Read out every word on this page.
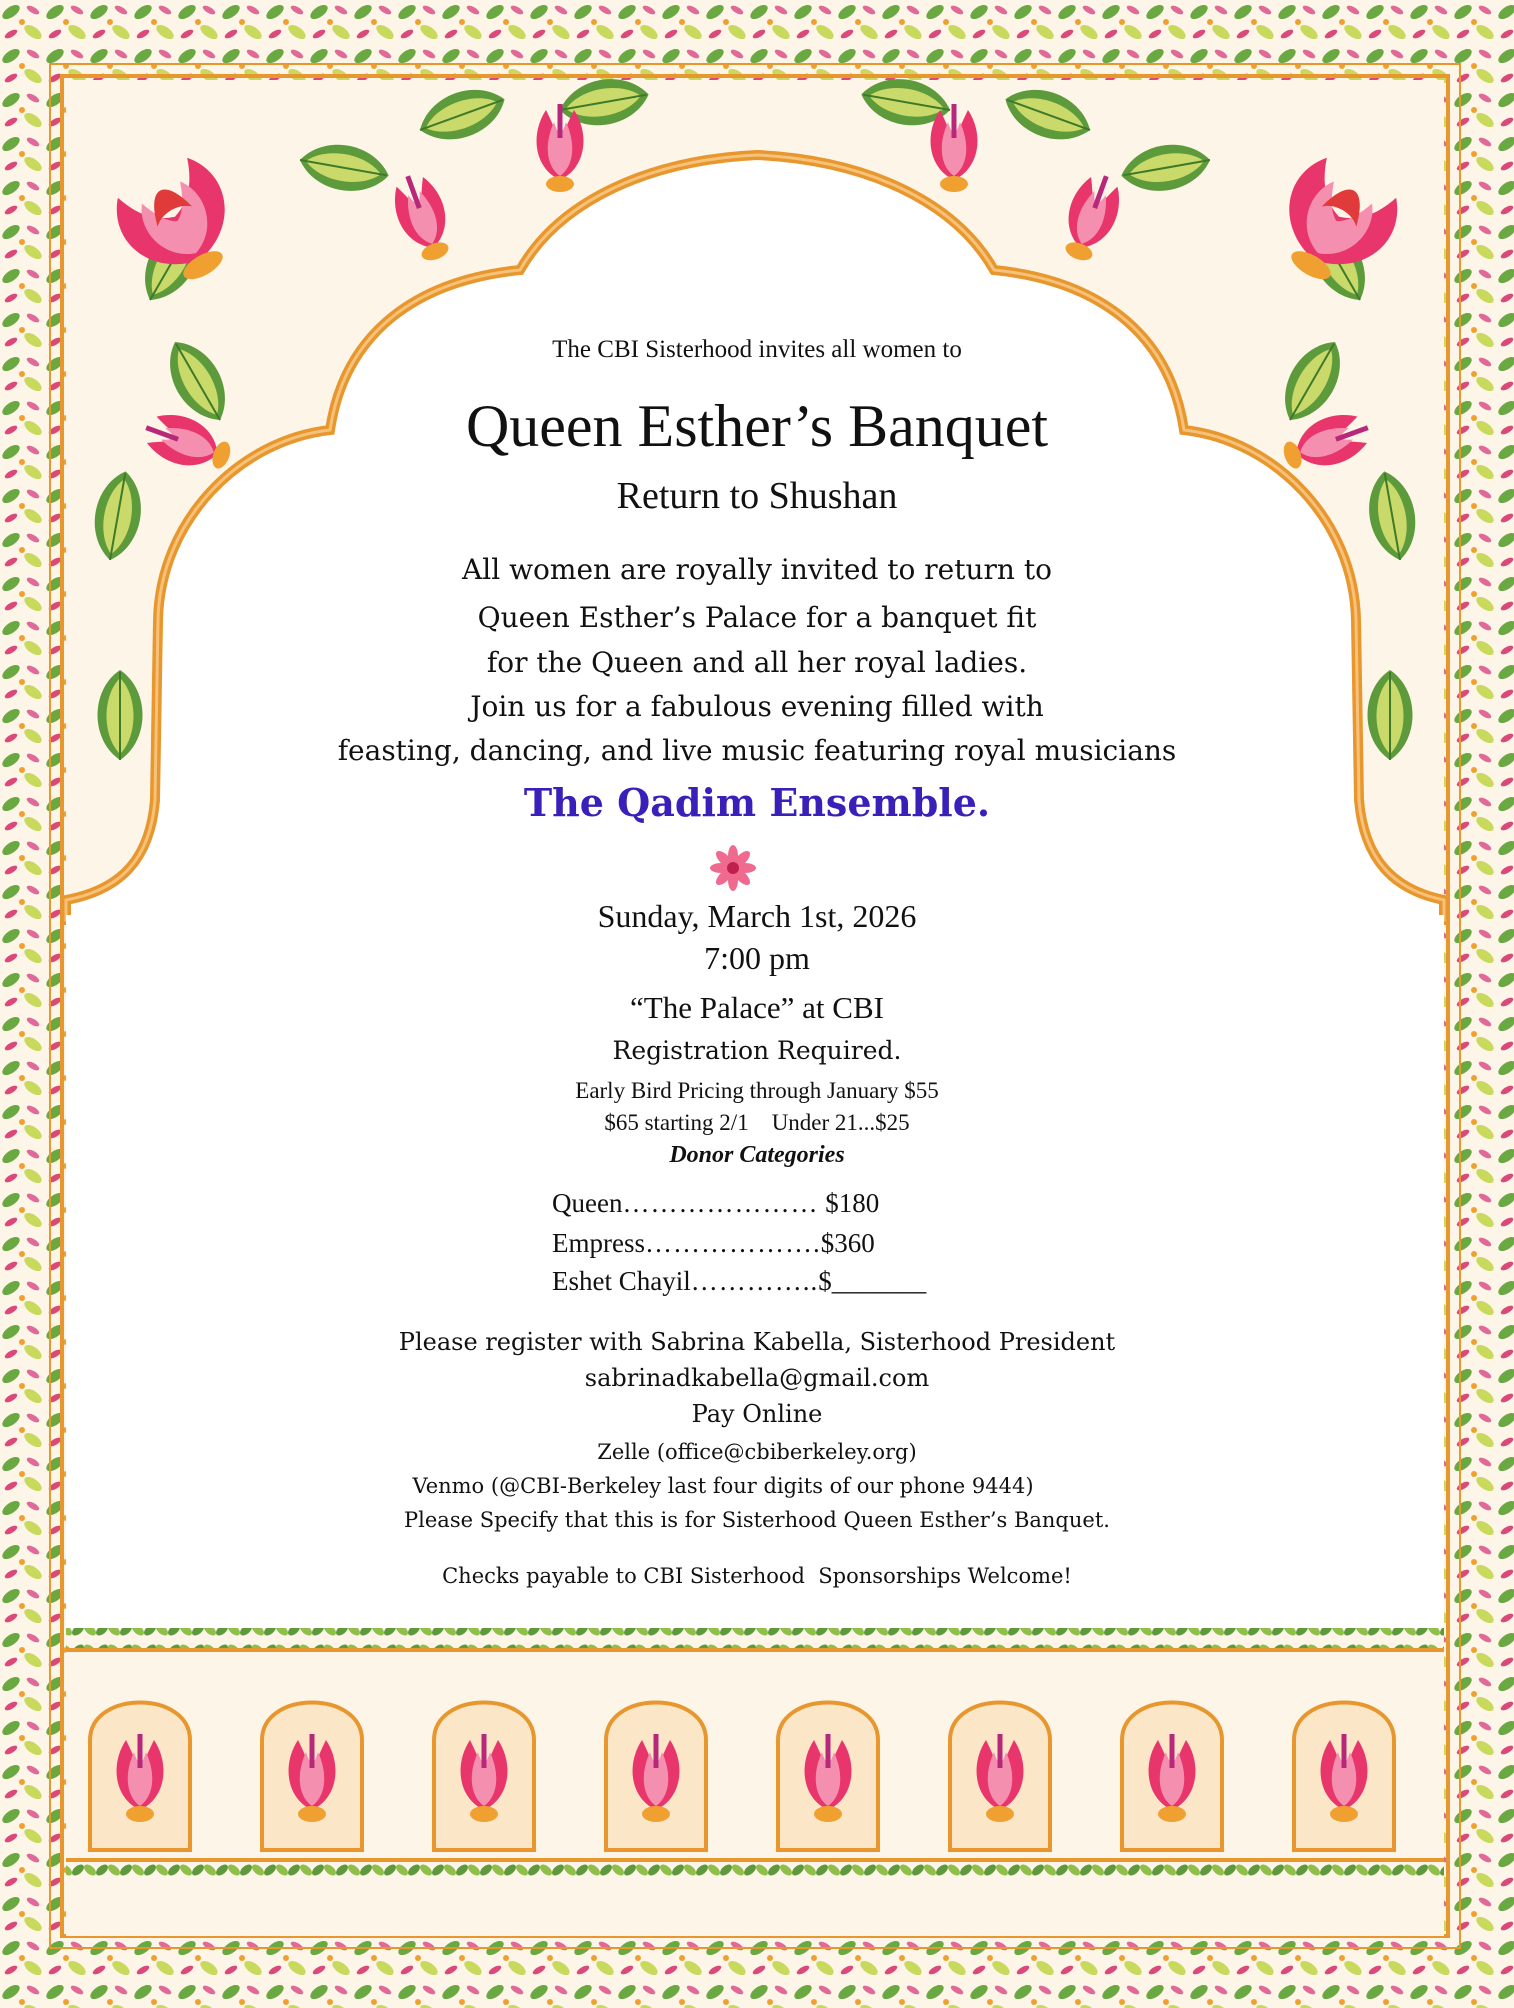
The CBI Sisterhood invites all women to
Queen Esther’s Banquet
Return to Shushan
All women are royally invited to return to
Queen Esther’s Palace for a banquet fit
for the Queen and all her royal ladies.
Join us for a fabulous evening filled with
feasting, dancing, and live music featuring royal musicians
The Qadim Ensemble.
Sunday, March 1st, 2026
7:00 pm
“The Palace” at CBI
Registration Required.
Early Bird Pricing through January $55
$65 starting 2/1    Under 21...$25
Donor Categories
Queen………………… $180
Empress……………….$360
Eshet Chayil…………..$_______
Please register with Sabrina Kabella, Sisterhood President
sabrinadkabella@gmail.com
Pay Online
Zelle (office@cbiberkeley.org)
Venmo (@CBI-Berkeley last four digits of our phone 9444)
Please Specify that this is for Sisterhood Queen Esther’s Banquet.
Checks payable to CBI Sisterhood  Sponsorships Welcome!
